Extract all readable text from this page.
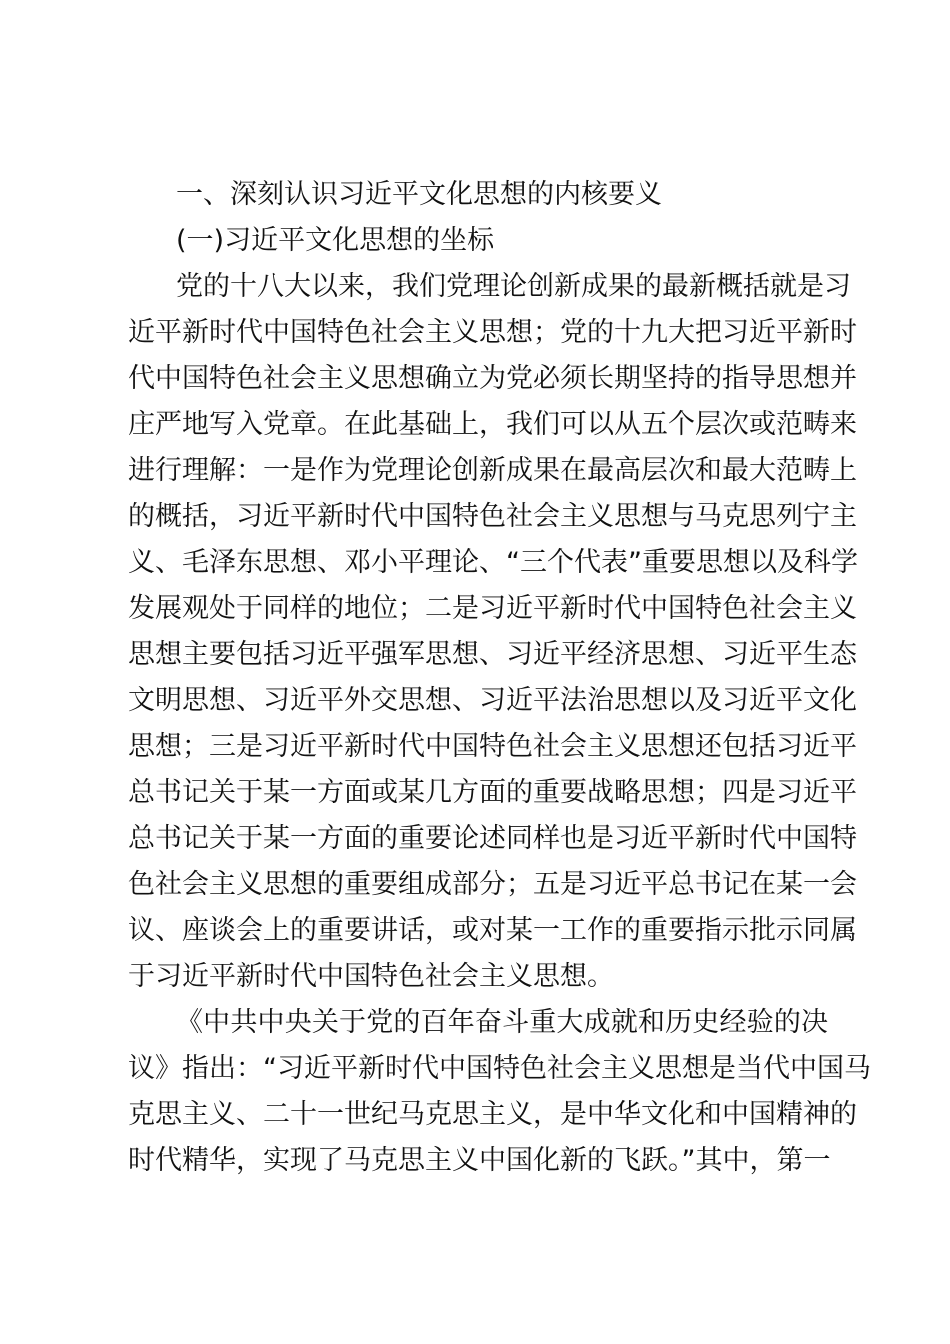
一、深刻认识习近平文化思想的内核要义
(一)习近平文化思想的坐标
党的十八大以来，我们党理论创新成果的最新概括就是习
近平新时代中国特色社会主义思想；党的十九大把习近平新时
代中国特色社会主义思想确立为党必须长期坚持的指导思想并
庄严地写入党章。在此基础上，我们可以从五个层次或范畴来
进行理解：一是作为党理论创新成果在最高层次和最大范畴上
的概括，习近平新时代中国特色社会主义思想与马克思列宁主
义、毛泽东思想、邓小平理论、“三个代表”重要思想以及科学
发展观处于同样的地位；二是习近平新时代中国特色社会主义
思想主要包括习近平强军思想、习近平经济思想、习近平生态
文明思想、习近平外交思想、习近平法治思想以及习近平文化
思想；三是习近平新时代中国特色社会主义思想还包括习近平
总书记关于某一方面或某几方面的重要战略思想；四是习近平
总书记关于某一方面的重要论述同样也是习近平新时代中国特
色社会主义思想的重要组成部分；五是习近平总书记在某一会
议、座谈会上的重要讲话，或对某一工作的重要指示批示同属
于习近平新时代中国特色社会主义思想。
《中共中央关于党的百年奋斗重大成就和历史经验的决
议》指出：“习近平新时代中国特色社会主义思想是当代中国马
克思主义、二十一世纪马克思主义，是中华文化和中国精神的
时代精华，实现了马克思主义中国化新的飞跃。”其中，第一
